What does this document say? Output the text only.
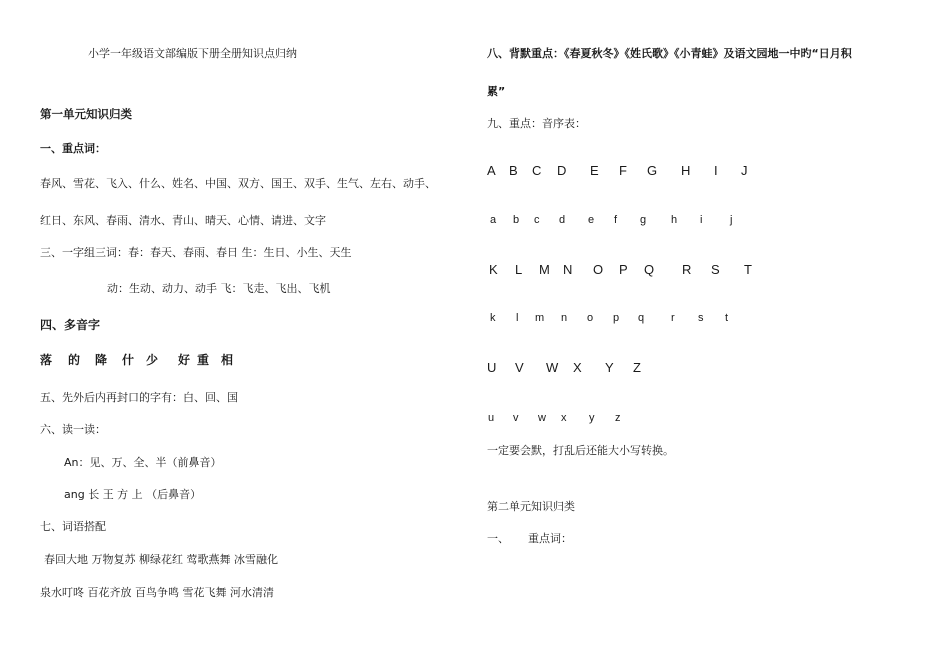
小学一年级语文部编版下册全册知识点归纳
第一单元知识归类
一、重点词：
春风、雪花、飞入、什么、姓名、中国、双方、国王、双手、生气、左右、动手、
红日、东风、春雨、清水、青山、晴天、心情、请进、文字
三、一字组三词：春：春天、春雨、春日 生：生日、小生、天生
动：生动、动力、动手 飞：飞走、飞出、飞机
四、多音字
落 的 降 什 少 好 重 相
五、先外后内再封口的字有：白、回、国
六、读一读：
An：见、万、全、半（前鼻音）
ang 长 王 方 上 （后鼻音）
七、词语搭配
春回大地 万物复苏 柳绿花红 莺歌燕舞 冰雪融化
泉水叮咚 百花齐放 百鸟争鸣 雪花飞舞 河水清清
八、背默重点：《春夏秋冬》《姓氏歌》《小青蛙》及语文园地一中旳“日月积
累”
九、重点：音序表：
A B C D E F G H I J
a b c d e f g h i	j
K L M N O P Q R S T
k l m n o p q r s t
U V W X Y Z
u v w x y z
一定要会默，打乱后还能大小写转换。
第二单元知识归类
一、 重点词：
